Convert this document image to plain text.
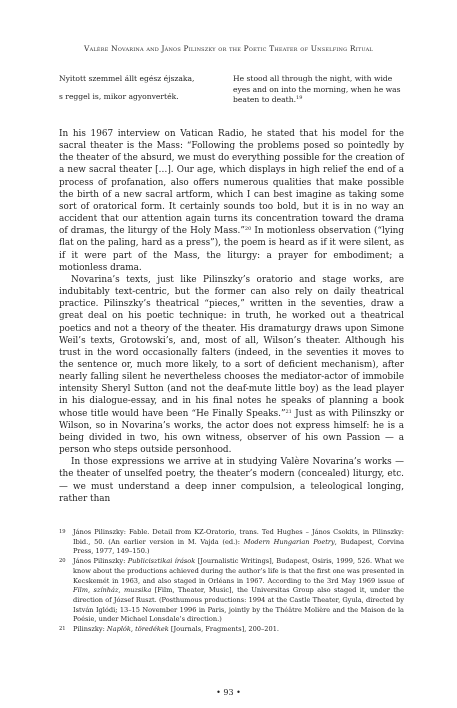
Valère Novarina and János Pilinszky or the Poetic Theater of Unselfing Ritual

Nyitott szemmel állt egész éjszaka,

s reggel is, mikor agyonverték.

He stood all through the night, with wide eyes and on into the morning, when he was beaten to death.$^{19}$

In his 1967 interview on Vatican Radio, he stated that his model for the sacral theater is the Mass: “Following the problems posed so pointedly by the theater of the absurd, we must do everything possible for the creation of a new sacral theater […]. Our age, which displays in high relief the end of a process of profanation, also offers numerous qualities that make possible the birth of a new sacral artform, which I can best imagine as taking some sort of oratorical form. It certainly sounds too bold, but it is in no way an accident that our attention again turns its concentration toward the drama of dramas, the liturgy of the Holy Mass.”$^{20}$ In motionless observation (“lying flat on the paling, hard as a press”), the poem is heard as if it were silent, as if it were part of the Mass, the liturgy: a prayer for embodiment; a motionless drama.

Novarina’s texts, just like Pilinszky’s oratorio and stage works, are indubitably text-centric, but the former can also rely on daily theatrical practice. Pilinszky’s theatrical “pieces,” written in the seventies, draw a great deal on his poetic technique: in truth, he worked out a theatrical poetics and not a theory of the theater. His dramaturgy draws upon Simone Weil’s texts, Grotowski’s, and, most of all, Wilson’s theater. Although his trust in the word occasionally falters (indeed, in the seventies it moves to the sentence or, much more likely, to a sort of deficient mechanism), after nearly falling silent he nevertheless chooses the mediator-actor of immobile intensity Sheryl Sutton (and not the deaf-mute little boy) as the lead player in his dialogue-essay, and in his final notes he speaks of planning a book whose title would have been “He Finally Speaks.”$^{21}$ Just as with Pilinszky or Wilson, so in Novarina’s works, the actor does not express himself: he is a being divided in two, his own witness, observer of his own Passion — a person who steps outside personhood.

In those expressions we arrive at in studying Valère Novarina’s works — the theater of unselfed poetry, the theater’s modern (concealed) liturgy, etc. — we must understand a deep inner compulsion, a teleological longing, rather than

19 János Pilinszky: Fable. Detail from KZ-Oratorio, trans. Ted Hughes – János Csokits, in Pilinszky: Ibid., 50. (An earlier version in M. Vajda (ed.): Modern Hungarian Poetry, Budapest, Corvina Press, 1977, 149–150.)
20 János Pilinszky: Publicisztikai írások [Journalistic Writings], Budapest, Osiris, 1999, 526. What we know about the productions achieved during the author’s life is that the first one was presented in Kecskemét in 1963, and also staged in Orléans in 1967. According to the 3rd May 1969 issue of Film, színház, muzsika [Film, Theater, Music], the Universitas Group also staged it, under the direction of József Ruszt. (Posthumous productions: 1994 at the Castle Theater, Gyula, directed by István Iglódi; 13–15 November 1996 in Paris, jointly by the Théâtre Molière and the Maison de la Poésie, under Michael Lonsdale’s direction.)
21 Pilinszky: Naplók, töredékek [Journals, Fragments], 200–201.
• 93 •
